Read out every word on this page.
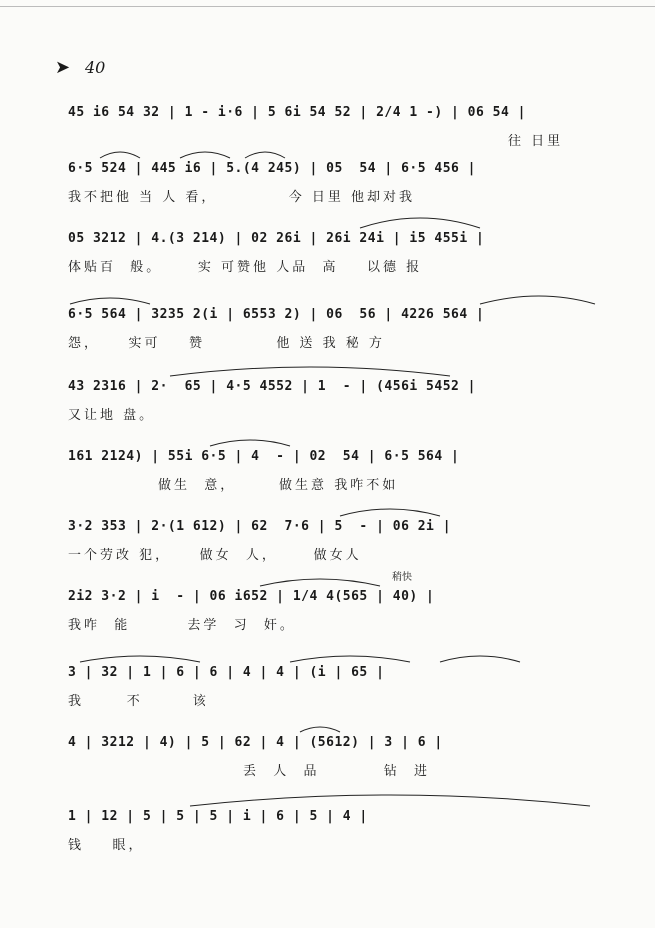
➤ 40
45 i6 54 32 | 1 - i·6 | 5 6i 54 52 | 2/4 1 -) | 06 54 |
往 日里
6·5 524 | 445 i6 | 5.(4 245) | 05  54 | 6·5 456 |
我不把他 当 人 看，          今 日里 他却对我
05 3212 | 4.(3 214) | 02 26i | 26i 24i | i5 455i |
体贴百  般。     实 可赞他 人品  高    以德 报
6·5 564 | 3235 2(i | 6553 2) | 06  56 | 4226 564 |
怨，    实可    赞          他 送 我 秘 方
43 2316 | 2·  65 | 4·5 4552 | 1  - | (456i 5452 |
又让地 盘。
161 2124) | 55i 6·5 | 4  - | 02  54 | 6·5 564 |
做生  意，      做生意 我咋不如
3·2 353 | 2·(1 612) | 62  7·6 | 5  - | 06 2i |
一个劳改 犯，    做女  人，     做女人
稍快
2i2 3·2 | i  - | 06 i652 | 1/4 4(565 | 40) |
我咋  能        去学  习  奸。
3 | 32 | 1 | 6 | 6 | 4 | 4 | (i | 65 |
我      不       该
4 | 3212 | 4) | 5 | 62 | 4 | (5612) | 3 | 6 |
丢  人  品         钻  进
1 | 12 | 5 | 5 | 5 | i | 6 | 5 | 4 |
钱    眼，
